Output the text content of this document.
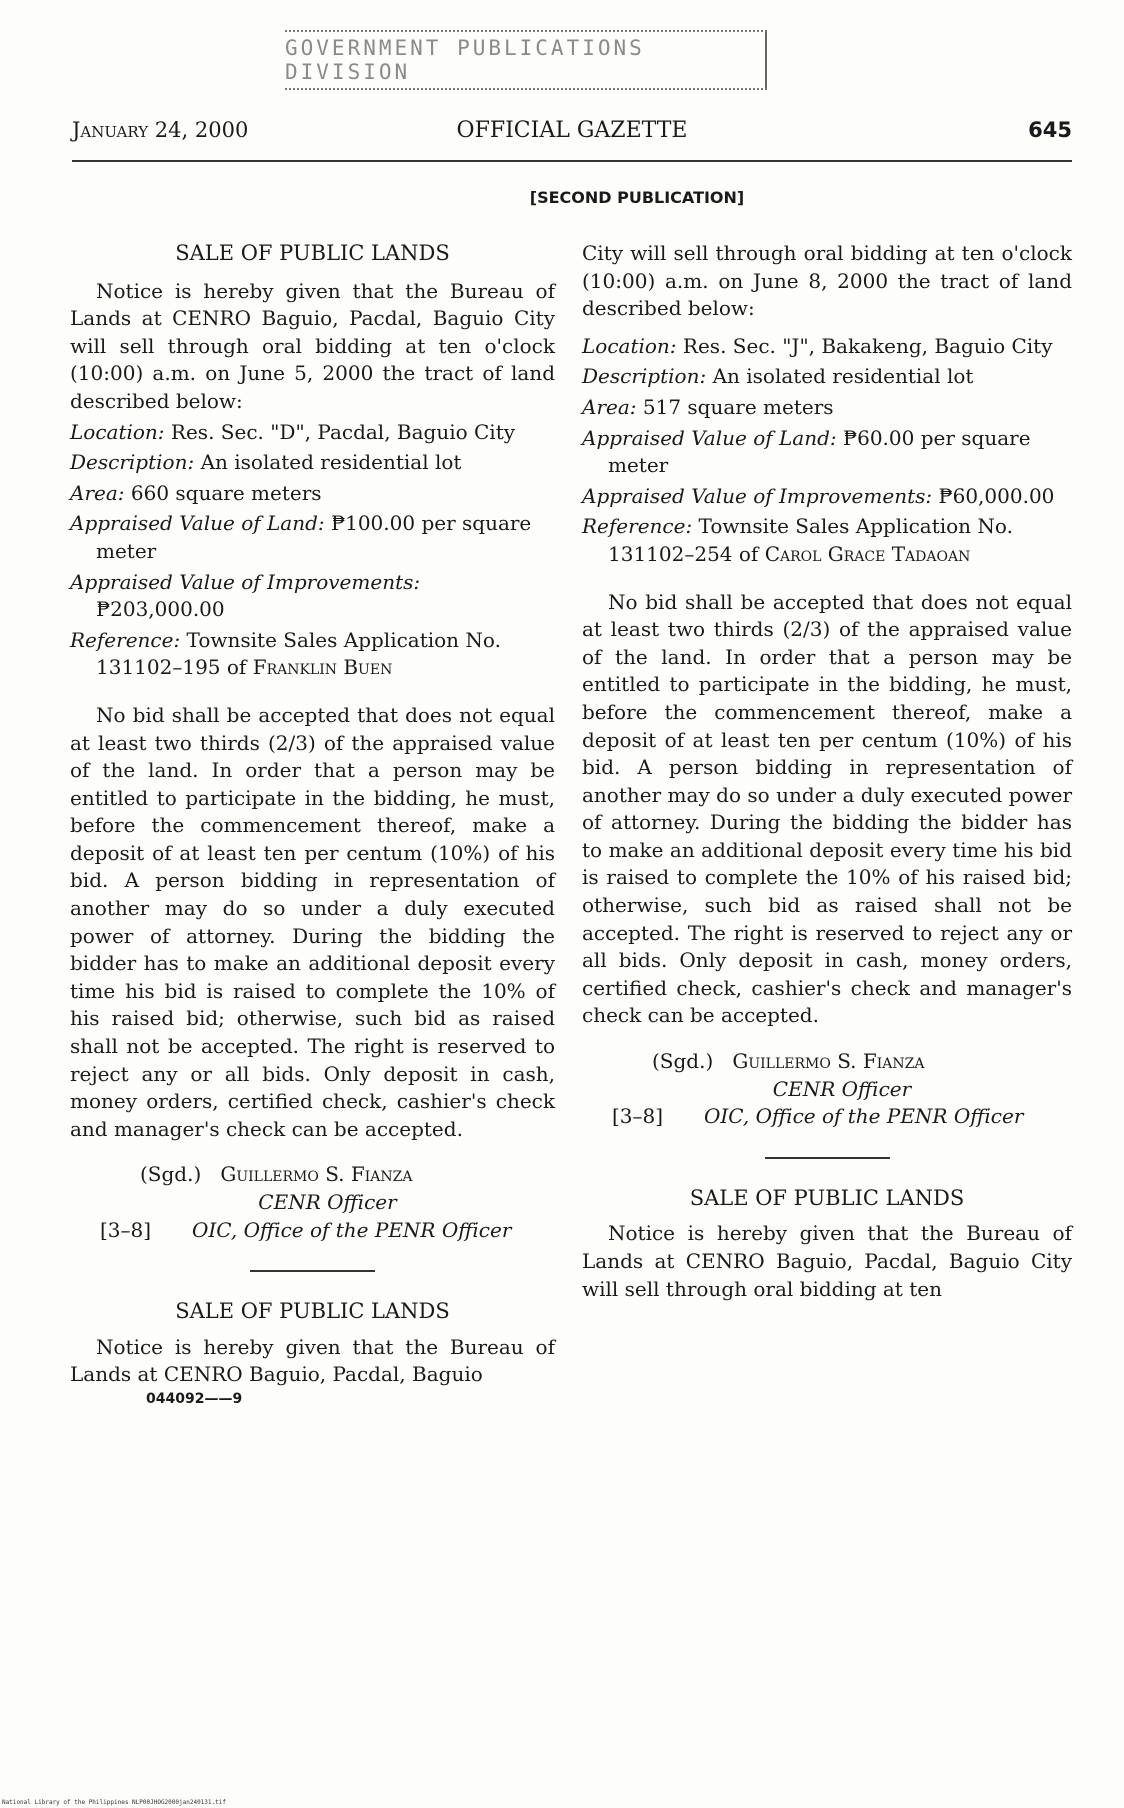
GOVERNMENT PUBLICATIONS DIVISION
January 24, 2000	OFFICIAL GAZETTE	645
[SECOND PUBLICATION]

SALE OF PUBLIC LANDS

Notice is hereby given that the Bureau of Lands at CENRO Baguio, Pacdal, Baguio City will sell through oral bidding at ten o'clock (10:00) a.m. on June 5, 2000 the tract of land described below:

Location: Res. Sec. "D", Pacdal, Baguio City

Description: An isolated residential lot

Area: 660 square meters

Appraised Value of Land: ₱100.00 per square meter

Appraised Value of Improvements: ₱203,000.00

Reference: Townsite Sales Application No. 131102–195 of Franklin Buen

No bid shall be accepted that does not equal at least two thirds (2/3) of the appraised value of the land. In order that a person may be entitled to participate in the bidding, he must, before the commencement thereof, make a deposit of at least ten per centum (10%) of his bid. A person bidding in representation of another may do so under a duly executed power of attorney. During the bidding the bidder has to make an additional deposit every time his bid is raised to complete the 10% of his raised bid; otherwise, such bid as raised shall not be accepted. The right is reserved to reject any or all bids. Only deposit in cash, money orders, certified check, cashier's check and manager's check can be accepted.

(Sgd.) Guillermo S. Fianza
CENR Officer
[3–8]	OIC, Office of the PENR Officer

SALE OF PUBLIC LANDS

Notice is hereby given that the Bureau of Lands at CENRO Baguio, Pacdal, Baguio

044092——9

City will sell through oral bidding at ten o'clock (10:00) a.m. on June 8, 2000 the tract of land described below:

Location: Res. Sec. "J", Bakakeng, Baguio City

Description: An isolated residential lot

Area: 517 square meters

Appraised Value of Land: ₱60.00 per square meter

Appraised Value of Improvements: ₱60,000.00

Reference: Townsite Sales Application No. 131102–254 of Carol Grace Tadaoan

No bid shall be accepted that does not equal at least two thirds (2/3) of the appraised value of the land. In order that a person may be entitled to participate in the bidding, he must, before the commencement thereof, make a deposit of at least ten per centum (10%) of his bid. A person bidding in representation of another may do so under a duly executed power of attorney. During the bidding the bidder has to make an additional deposit every time his bid is raised to complete the 10% of his raised bid; otherwise, such bid as raised shall not be accepted. The right is reserved to reject any or all bids. Only deposit in cash, money orders, certified check, cashier's check and manager's check can be accepted.

(Sgd.) Guillermo S. Fianza
CENR Officer
[3–8]	OIC, Office of the PENR Officer

SALE OF PUBLIC LANDS

Notice is hereby given that the Bureau of Lands at CENRO Baguio, Pacdal, Baguio City will sell through oral bidding at ten

National Library of the Philippines NLP00JHOG2000jan240131.tif
